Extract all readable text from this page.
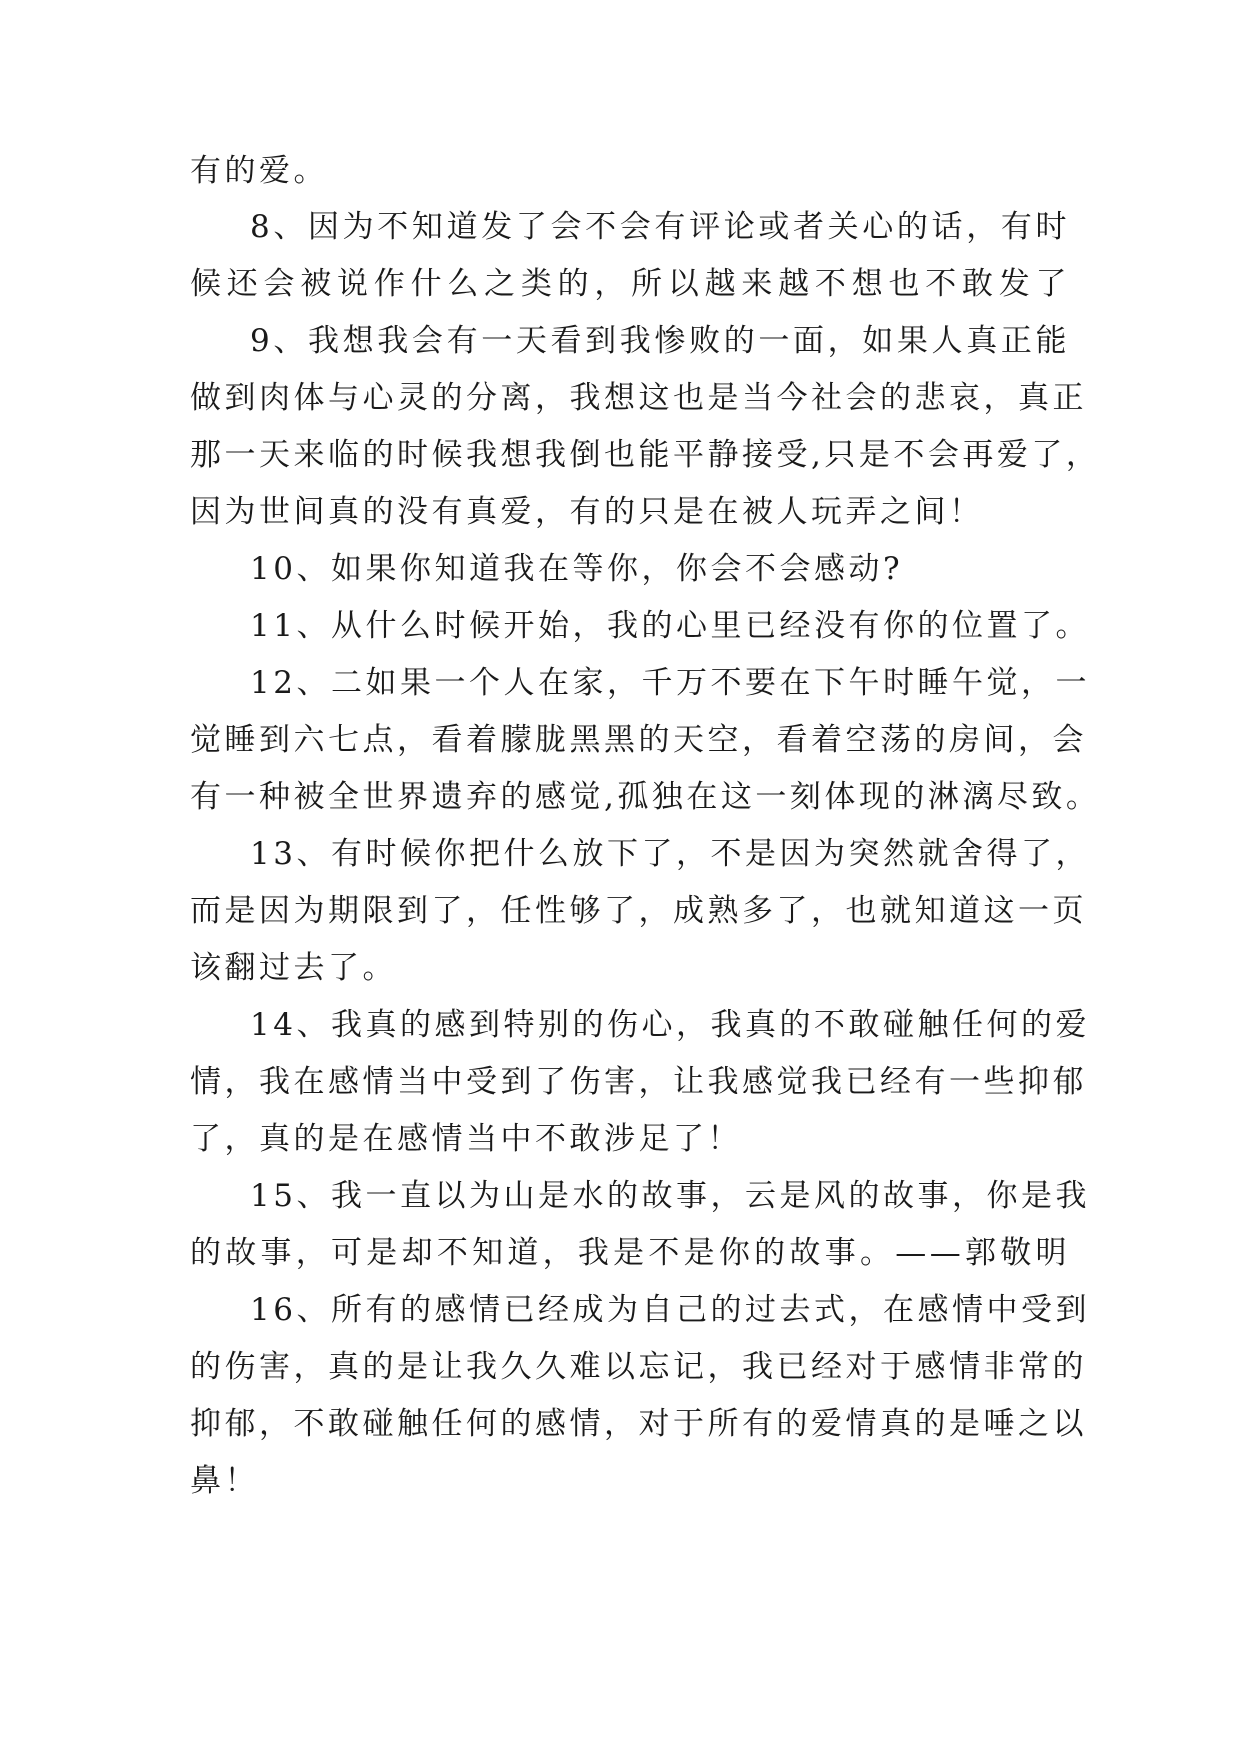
有的爱。
8、因为不知道发了会不会有评论或者关心的话，有时
候还会被说作什么之类的，所以越来越不想也不敢发了
9、我想我会有一天看到我惨败的一面，如果人真正能
做到肉体与心灵的分离，我想这也是当今社会的悲哀，真正
那一天来临的时候我想我倒也能平静接受,只是不会再爱了，
因为世间真的没有真爱，有的只是在被人玩弄之间！
10、如果你知道我在等你，你会不会感动?
11、从什么时候开始，我的心里已经没有你的位置了。
12、二如果一个人在家，千万不要在下午时睡午觉，一
觉睡到六七点，看着朦胧黑黑的天空，看着空荡的房间，会
有一种被全世界遗弃的感觉,孤独在这一刻体现的淋漓尽致。
13、有时候你把什么放下了，不是因为突然就舍得了，
而是因为期限到了，任性够了，成熟多了，也就知道这一页
该翻过去了。
14、我真的感到特别的伤心，我真的不敢碰触任何的爱
情，我在感情当中受到了伤害，让我感觉我已经有一些抑郁
了，真的是在感情当中不敢涉足了！
15、我一直以为山是水的故事，云是风的故事，你是我
的故事，可是却不知道，我是不是你的故事。——郭敬明
16、所有的感情已经成为自己的过去式，在感情中受到
的伤害，真的是让我久久难以忘记，我已经对于感情非常的
抑郁，不敢碰触任何的感情，对于所有的爱情真的是唾之以
鼻！
